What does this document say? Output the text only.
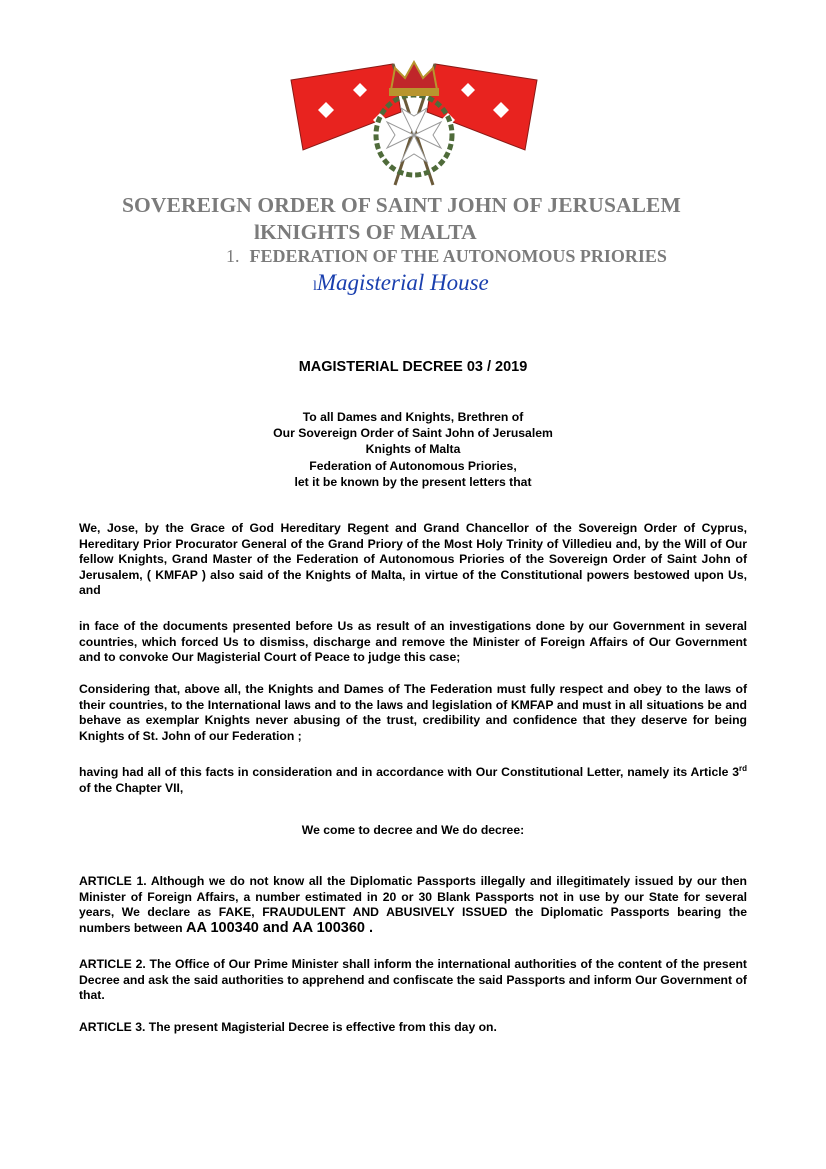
SOVEREIGN ORDER OF SAINT JOHN OF JERUSALEM
lKNIGHTS OF MALTA
1. FEDERATION OF THE AUTONOMOUS PRIORIES
lMagisterial House
MAGISTERIAL DECREE 03 / 2019
To all Dames and Knights, Brethren of
Our Sovereign Order of Saint John of Jerusalem
Knights of Malta
Federation of Autonomous Priories,
let it be known by the present letters that

We, Jose, by the Grace of God Hereditary Regent and Grand Chancellor of the Sovereign Order of Cyprus, Hereditary Prior Procurator General of the Grand Priory of the Most Holy Trinity of Villedieu and, by the Will of Our fellow Knights, Grand Master of the Federation of Autonomous Priories of the Sovereign Order of Saint John of Jerusalem, ( KMFAP ) also said of the Knights of Malta, in virtue of the Constitutional powers bestowed upon Us, and

in face of the documents presented before Us as result of an investigations done by our Government in several countries, which forced Us to dismiss, discharge and remove the Minister of Foreign Affairs of Our Government and to convoke Our Magisterial Court of Peace to judge this case;

Considering that, above all, the Knights and Dames of The Federation must fully respect and obey to the laws of their countries, to the International laws and to the laws and legislation of KMFAP and must in all situations be and behave as exemplar Knights never abusing of the trust, credibility and confidence that they deserve for being Knights of St. John of our Federation ;

having had all of this facts in consideration and in accordance with Our Constitutional Letter, namely its Article 3rd of the Chapter VII,

We come to decree and We do decree:

ARTICLE 1. Although we do not know all the Diplomatic Passports illegally and illegitimately issued by our then Minister of Foreign Affairs, a number estimated in 20 or 30 Blank Passports not in use by our State for several years, We declare as FAKE, FRAUDULENT AND ABUSIVELY ISSUED the Diplomatic Passports bearing the numbers between AA 100340 and AA 100360 .

ARTICLE 2. The Office of Our Prime Minister shall inform the international authorities of the content of the present Decree and ask the said authorities to apprehend and confiscate the said Passports and inform Our Government of that.

ARTICLE 3. The present Magisterial Decree is effective from this day on.
